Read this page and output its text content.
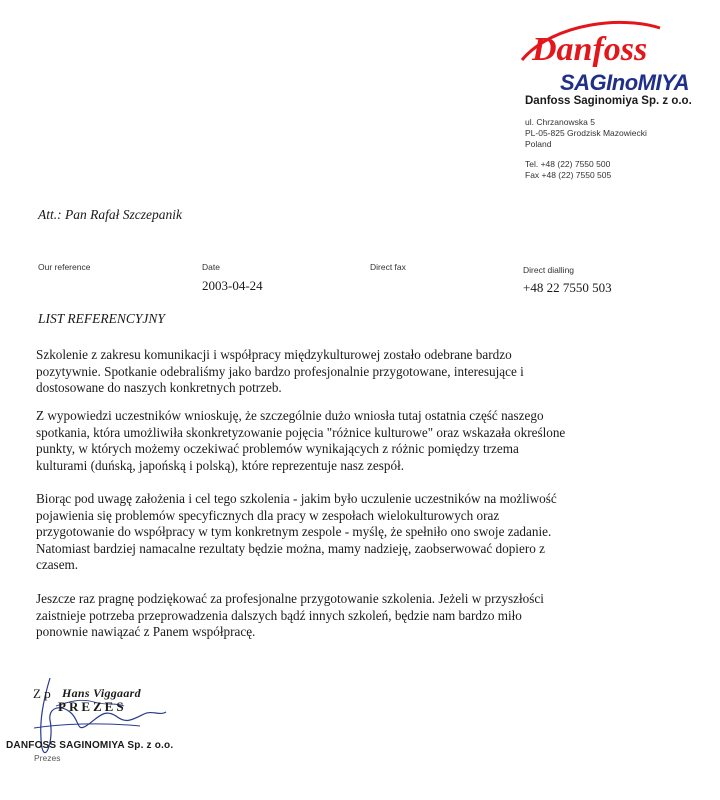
Danfoss
SAGInoMIYA
Danfoss Saginomiya Sp. z o.o.
ul. Chrzanowska 5
PL-05-825 Grodzisk Mazowiecki
Poland
Tel. +48 (22) 7550 500
Fax +48 (22) 7550 505
Att.: Pan Rafał Szczepanik
Our reference	Date
2003-04-24
Direct fax	Direct dialling
+48 22 7550 503
LIST REFERENCYJNY
Szkolenie z zakresu komunikacji i współpracy międzykulturowej zostało odebrane bardzo
pozytywnie. Spotkanie odebraliśmy jako bardzo profesjonalnie przygotowane, interesujące i
dostosowane do naszych konkretnych potrzeb.
Z wypowiedzi uczestników wnioskuję, że szczególnie dużo wniosła tutaj ostatnia część naszego
spotkania, która umożliwiła skonkretyzowanie pojęcia "różnice kulturowe" oraz wskazała określone
punkty, w których możemy oczekiwać problemów wynikających z różnic pomiędzy trzema
kulturami (duńską, japońską i polską), które reprezentuje nasz zespół.
Biorąc pod uwagę założenia i cel tego szkolenia - jakim było uczulenie uczestników na możliwość
pojawienia się problemów specyficznych dla pracy w zespołach wielokulturowych oraz
przygotowanie do współpracy w tym konkretnym zespole - myślę, że spełniło ono swoje zadanie.
Natomiast bardziej namacalne rezultaty będzie można, mamy nadzieję, zaobserwować dopiero z
czasem.
Jeszcze raz pragnę podziękować za profesjonalne przygotowanie szkolenia. Jeżeli w przyszłości
zaistnieje potrzeba przeprowadzenia dalszych bądź innych szkoleń, będzie nam bardzo miło
ponownie nawiązać z Panem współpracę.
Z p Hans Viggaard
PREZES
DANFOSS SAGINOMIYA Sp. z o.o.
Prezes
